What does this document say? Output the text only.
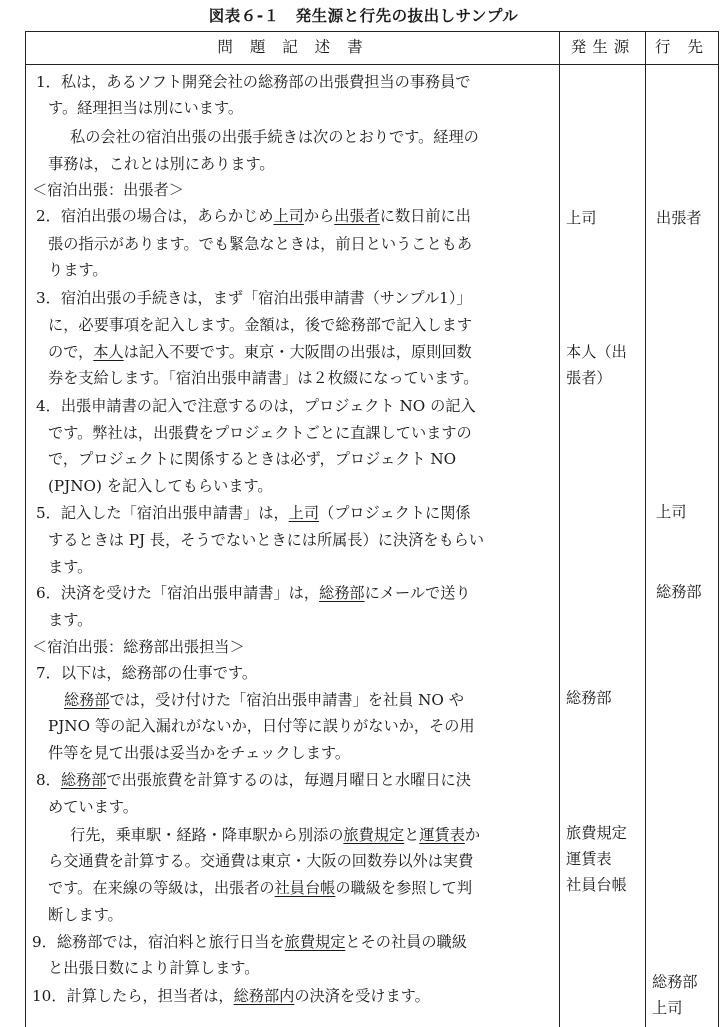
図表６-１　発生源と行先の抜出しサンプル
問 題 記 述 書	発生源	行 先
1．私は，あるソフト開発会社の総務部の出張費担当の事務員で
す。経理担当は別にいます。
私の会社の宿泊出張の出張手続きは次のとおりです。経理の
事務は，これとは別にあります。
＜宿泊出張：出張者＞
2．宿泊出張の場合は，あらかじめ上司から出張者に数日前に出
張の指示があります。でも緊急なときは，前日ということもあ
ります。
3．宿泊出張の手続きは，まず「宿泊出張申請書（サンプル1）」
に，必要事項を記入します。金額は，後で総務部で記入します
ので，本人は記入不要です。東京・大阪間の出張は，原則回数
券を支給します。「宿泊出張申請書」は２枚綴になっています。
4．出張申請書の記入で注意するのは，プロジェクト NO の記入
です。弊社は，出張費をプロジェクトごとに直課していますの
で，プロジェクトに関係するときは必ず，プロジェクト NO
(PJNO) を記入してもらいます。
5．記入した「宿泊出張申請書」は，上司（プロジェクトに関係
するときは PJ 長，そうでないときには所属長）に決済をもらい
ます。
6．決済を受けた「宿泊出張申請書」は，総務部にメールで送り
ます。
＜宿泊出張：総務部出張担当＞
7．以下は，総務部の仕事です。
総務部では，受け付けた「宿泊出張申請書」を社員 NO や
PJNO 等の記入漏れがないか，日付等に誤りがないか，その用
件等を見て出張は妥当かをチェックします。
8．総務部で出張旅費を計算するのは，毎週月曜日と水曜日に決
めています。
行先，乗車駅・経路・降車駅から別添の旅費規定と運賃表か
ら交通費を計算する。交通費は東京・大阪の回数券以外は実費
です。在来線の等級は，出張者の社員台帳の職級を参照して判
断します。
9．総務部では，宿泊料と旅行日当を旅費規定とその社員の職級
と出張日数により計算します。
10．計算したら，担当者は，総務部内の決済を受けます。
上司
本人（出
張者）
総務部
旅費規定
運賃表
社員台帳
出張者
上司
総務部
総務部
上司
